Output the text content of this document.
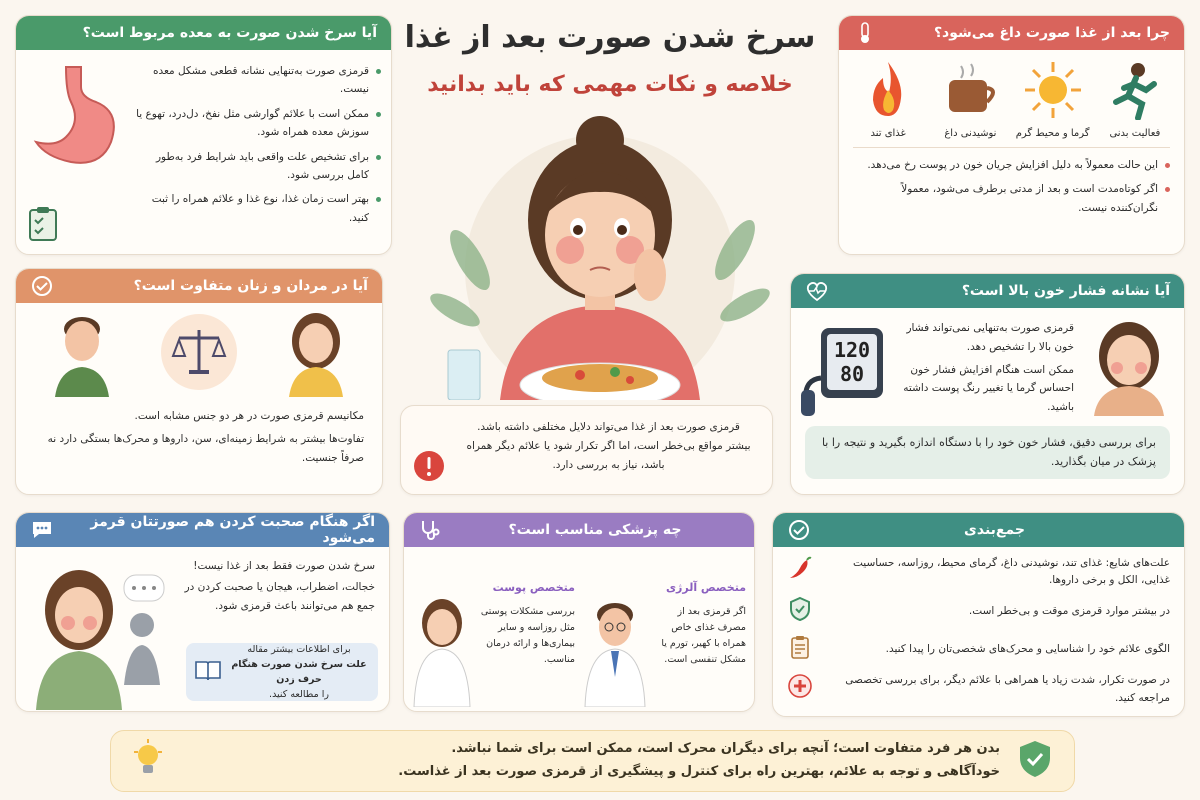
سرخ شدن صورت بعد از غذا
خلاصه و نکات مهمی که باید بدانید
آیا سرخ شدن صورت به معده مربوط است؟
قرمزی صورت به‌تنهایی نشانه قطعی مشکل معده نیست.
ممکن است با علائم گوارشی مثل نفخ، دل‌درد، تهوع یا سوزش معده همراه شود.
برای تشخیص علت واقعی باید شرایط فرد به‌طور کامل بررسی شود.
بهتر است زمان غذا، نوع غذا و علائم همراه را ثبت کنید.
چرا بعد از غذا صورت داغ می‌شود؟
فعالیت بدنی
گرما و محیط گرم
نوشیدنی داغ
غذای تند
این حالت معمولاً به دلیل افزایش جریان خون در پوست رخ می‌دهد.
اگر کوتاه‌مدت است و بعد از مدتی برطرف می‌شود، معمولاً نگران‌کننده نیست.
آیا در مردان و زنان متفاوت است؟

مکانیسم قرمزی صورت در هر دو جنس مشابه است.

تفاوت‌ها بیشتر به شرایط زمینه‌ای، سن، داروها و محرک‌ها بستگی دارد نه صرفاً جنسیت.

قرمزی صورت بعد از غذا می‌تواند دلایل مختلفی داشته باشد.

بیشتر مواقع بی‌خطر است، اما اگر تکرار شود یا علائم دیگر همراه باشد، نیاز به بررسی دارد.

آیا نشانه فشار خون بالا است؟

قرمزی صورت به‌تنهایی نمی‌تواند فشار خون بالا را تشخیص دهد.

ممکن است هنگام افزایش فشار خون احساس گرما یا تغییر رنگ پوست داشته باشید.

120
80
برای بررسی دقیق، فشار خون خود را با دستگاه اندازه بگیرید و نتیجه را با پزشک در میان بگذارید.
اگر هنگام صحبت کردن هم صورتتان قرمز می‌شود

سرخ شدن صورت فقط بعد از غذا نیست!

خجالت، اضطراب، هیجان یا صحبت کردن در جمع هم می‌توانند باعث قرمزی شود.

برای اطلاعات بیشتر مقاله
علت سرخ شدن صورت هنگام حرف زدن
را مطالعه کنید.
چه پزشکی مناسب است؟
متخصص آلرژی
اگر قرمزی بعد از مصرف غذای خاص همراه با کهیر، تورم یا مشکل تنفسی است.
متخصص پوست
بررسی مشکلات پوستی مثل روزاسه و سایر بیماری‌ها و ارائه درمان مناسب.
جمع‌بندی
علت‌های شایع: غذای تند، نوشیدنی داغ، گرمای محیط، روزاسه، حساسیت غذایی، الکل و برخی داروها.
در بیشتر موارد قرمزی موقت و بی‌خطر است.
الگوی علائم خود را شناسایی و محرک‌های شخصی‌تان را پیدا کنید.
در صورت تکرار، شدت زیاد یا همراهی با علائم دیگر، برای بررسی تخصصی مراجعه کنید.
بدن هر فرد متفاوت است؛ آنچه برای دیگران محرک است، ممکن است برای شما نباشد.
خودآگاهی و توجه به علائم، بهترین راه برای کنترل و پیشگیری از قرمزی صورت بعد از غذاست.
